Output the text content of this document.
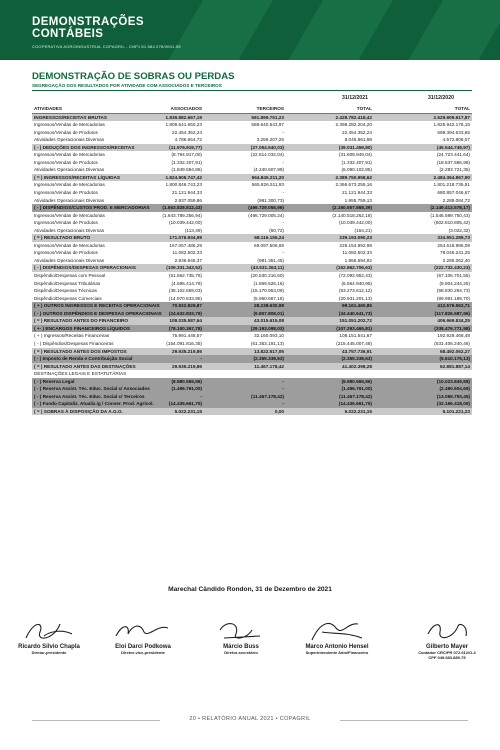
DEMONSTRAÇÕES
CONTÁBEIS
COOPERATIVA AGROINDUSTRIAL COPAGRIL - CNPJ 81.584.278/0001-55
DEMONSTRAÇÃO DE SOBRAS OU PERDAS
SEGREGAÇÃO DOS RESULTADOS POR ATIVIDADE COM ASSOCIADOS E TERCEIROS
31/12/2021	31/12/2020
ATIVIDADES	ASSOCIADOS	TERCEIROS	TOTAL	TOTAL
INGRESSOS/RECEITAS BRUTAS	1.836.882.667,19	591.899.751,23	2.428.782.418,42	2.529.909.617,87
Ingressos/Vendas de Mercadorias	1.809.641.660,23	588.640.543,97	2.398.282.204,20	1.825.942.178,15
Ingressos/Vendas de Produtos	22.454.352,24	-	22.454.352,24	699.394.633,65
Atividades Operacionais Diversas	4.786.654,72	3.259.207,26	8.045.861,98	4.572.806,07
( - ) DEDUÇÕES DOS INGRESSOS/RECEITAS	(11.976.919,77)	(27.054.540,03)	(39.031.459,80)	(45.544.749,97)
Ingressos/Vendas de Mercadorias	(8.794.917,00)	(22.814.032,04)	(31.608.949,04)	(24.723.441,64)
Ingressos/Vendas de Produtos	(1.332.407,91)	-	(1.332.407,91)	(18.537.586,98)
Atividades Operacionais Diversas	(1.849.594,86)	(4.240.507,99)	(6.090.102,85)	(2.283.721,35)
( = ) INGRESSOS/RECEITAS LÍQUIDAS	1.824.905.747,42	564.845.211,20	2.389.750.958,62	2.484.364.867,90
Ingressos/Vendas de Mercadorias	1.800.846.743,23	565.826.511,93	2.366.673.255,16	1.801.218.736,51
Ingressos/Vendas de Produtos	21.121.944,33	-	21.121.944,33	680.857.046,67
Atividades Operacionais Diversas	2.937.059,86	(981.300,73)	1.955.759,13	2.289.084,72
( - ) DISPÊNDIOS/CUSTOS PROD. E MERCADORIAS	(1.653.828.812,43)	(496.729.055,96)	(2.150.557.868,39)	(2.149.413.578,17)
Ingressos/Vendas de Mercadorias	(1.643.789.256,94)	(496.729.005,24)	(2.140.518.262,18)	(1.546.599.750,43)
Ingressos/Vendas de Produtos	(10.039.442,00)	-	(10.039.442,00)	(602.810.805,42)
Atividades Operacionais Diversas	(113,49)	(50,72)	(164,21)	(3.022,32)
( = ) RESULTADO BRUTO	171.076.934,99	68.116.155,24	239.193.090,23	334.951.289,73
Ingressos/Vendas de Mercadorias	157.057.486,29	69.097.506,69	226.154.992,98	254.618.986,08
Ingressos/Vendas de Produtos	11.082.502,33	-	11.082.502,33	78.046.241,25
Atividades Operacionais Diversas	2.936.946,37	(981.351,45)	1.955.594,92	2.286.062,40
( - ) DISPÊNDIOS/DESPESAS OPERACIONAIS	(109.331.343,52)	(43.531.363,11)	(152.862.706,63)	(222.732.430,23)
Dispêndio/Despesas com Pessoal	(51.562.735,75)	(20.530.216,60)	(72.092.952,43)	(67.106.701,55)
Dispêndio/Despesas Tributárias	(4.695.414,79)	(1.869.526,16)	(6.564.940,95)	(8.804.244,25)
Dispêndio/Despesas Técnicas	(38.102.659,03)	(15.170.953,09)	(53.273.612,12)	(58.830.294,73)
Dispêndio/Despesas Comerciais	(14.970.533,95)	(5.960.667,18)	(20.931.201,13)	(89.991.189,70)
( + ) OUTROS INGRESSOS E RECEITAS OPERACIONAIS	70.922.829,87	28.238.630,98	99.161.460,85	412.576.562,71
( - ) OUTROS DISPÊNDIOS E DESPESAS OPERACIONAIS (24.632.833,79)	(9.807.808,01)	(34.440.641,73)	(117.826.587,96)
( = ) RESULTADO ANTES DO FINANCEIRO	108.035.587,64	43.015.615,08	151.051.202,72	406.969.834,25
( +- ) ENCARGOS FINANCEIROS LÍQUIDOS	(78.100.367,78)	(29.193.098,03)	(107.293.465,81)	(338.476.771,98)
( + ) Ingressos/Receitas Financeiras	75.991.448,57	32.160.093,10	108.151.541,67	192.929.468,48
( - ) Dispêndios/Despesas Financeiras	(154.091.816,35)	(61.353.191,13)	(215.445.007,48)	(531.406.240,46)
( = ) RESULTADO ANTES DOS IMPOSTOS	29.935.219,86	13.822.517,05	43.757.736,91	68.492.062,27
( - ) Imposto de Renda e Contribuição Social	-	(2.355.338,63)	(2.355.338,63)	(5.610.175,13)
( = ) RESULTADO ANTES DAS DESTINAÇÕES	29.935.219,86	11.467.178,42	41.402.398,28	62.881.887,14
DESTINAÇÕES LEGAIS E ESTATUTÁRIAS
( - ) Reserva Legal	(8.980.565,96)	-	(8.980.565,96)	(10.023.849,68)
( - ) Reserva Assist. Téc. Educ. Social c/ Associados	(1.496.761,00)	-	(1.496.761,00)	(2.490.604,69)
( - ) Reserva Assist. Téc. Educ. Social c/ Terceiros	-	(11.467.178,42)	(11.467.178,42)	(13.069.793,45)
( - ) Fundo Capitaliz. Atualiz./g / Conser. Prod. Agrícol.	(14.435.661,75)	-	(14.435.661,75)	(32.196.418,09)
( = ) SOBRAS À DISPOSIÇÃO DA A.G.O.	5.022.231,15	0,00	5.022.231,15	5.101.221,23
Marechal Cândido Rondon, 31 de Dezembro de 2021
Ricardo Silvio Chapla
Diretor-presidente
Eloi Darci Podkowa
Diretor-vice-presidente
Márcio Buss
Diretor-secretário
Marco Antonio Hensel
Superintendente Adm/Financeiro
Gilberto Mayer
Contador CRC/PR 072.612/O-4
CPF 048.683.889-75
20 • RELATÓRIO ANUAL 2021 • COPAGRIL
